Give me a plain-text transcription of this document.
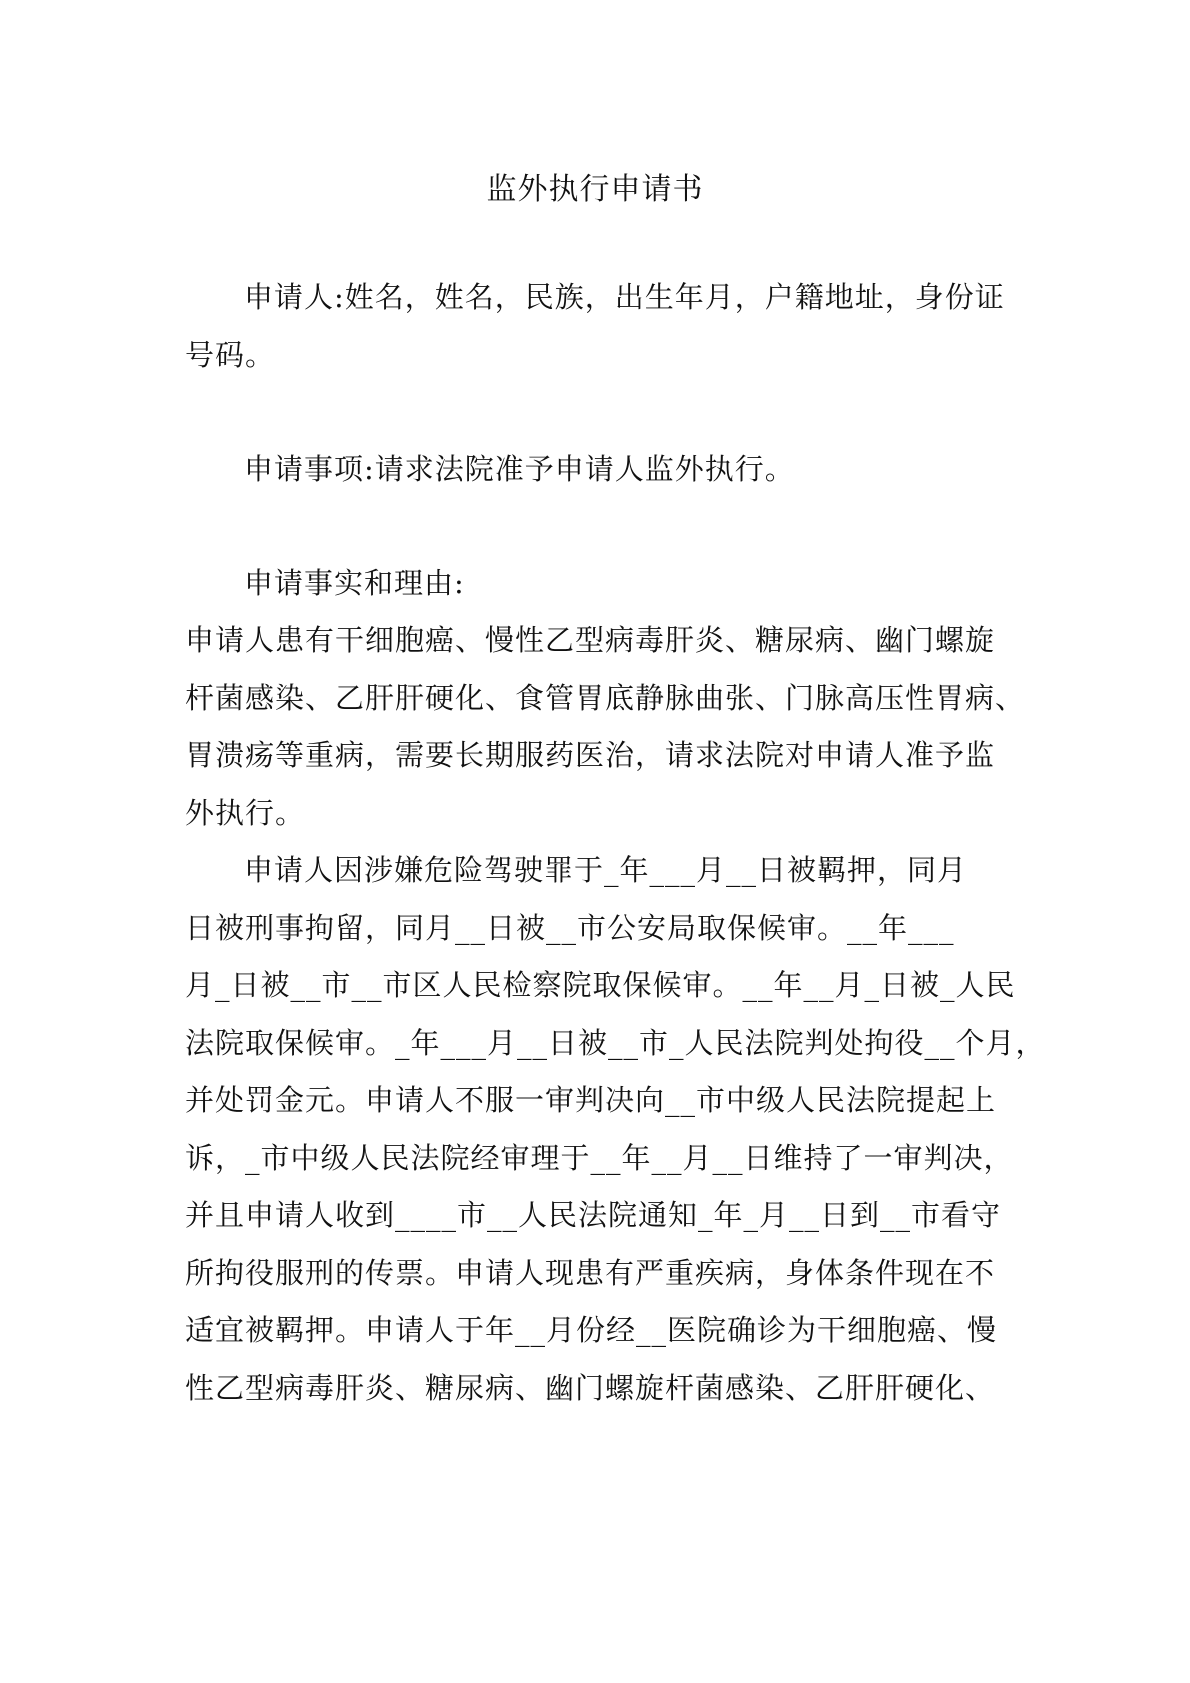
监外执行申请书
申请人:姓名，姓名，民族，出生年月，户籍地址，身份证
号码。
申请事项:请求法院准予申请人监外执行。
申请事实和理由:
申请人患有干细胞癌、慢性乙型病毒肝炎、糖尿病、幽门螺旋
杆菌感染、乙肝肝硬化、食管胃底静脉曲张、门脉高压性胃病、
胃溃疡等重病，需要长期服药医治，请求法院对申请人准予监
外执行。
申请人因涉嫌危险驾驶罪于_年___月__日被羁押，同月
日被刑事拘留，同月__日被__市公安局取保候审。__年___
月_日被__市__市区人民检察院取保候审。__年__月_日被_人民
法院取保候审。_年___月__日被__市_人民法院判处拘役__个月，
并处罚金元。申请人不服一审判决向__市中级人民法院提起上
诉，_市中级人民法院经审理于__年__月__日维持了一审判决，
并且申请人收到____市__人民法院通知_年_月__日到__市看守
所拘役服刑的传票。申请人现患有严重疾病，身体条件现在不
适宜被羁押。申请人于年__月份经__医院确诊为干细胞癌、慢
性乙型病毒肝炎、糖尿病、幽门螺旋杆菌感染、乙肝肝硬化、
